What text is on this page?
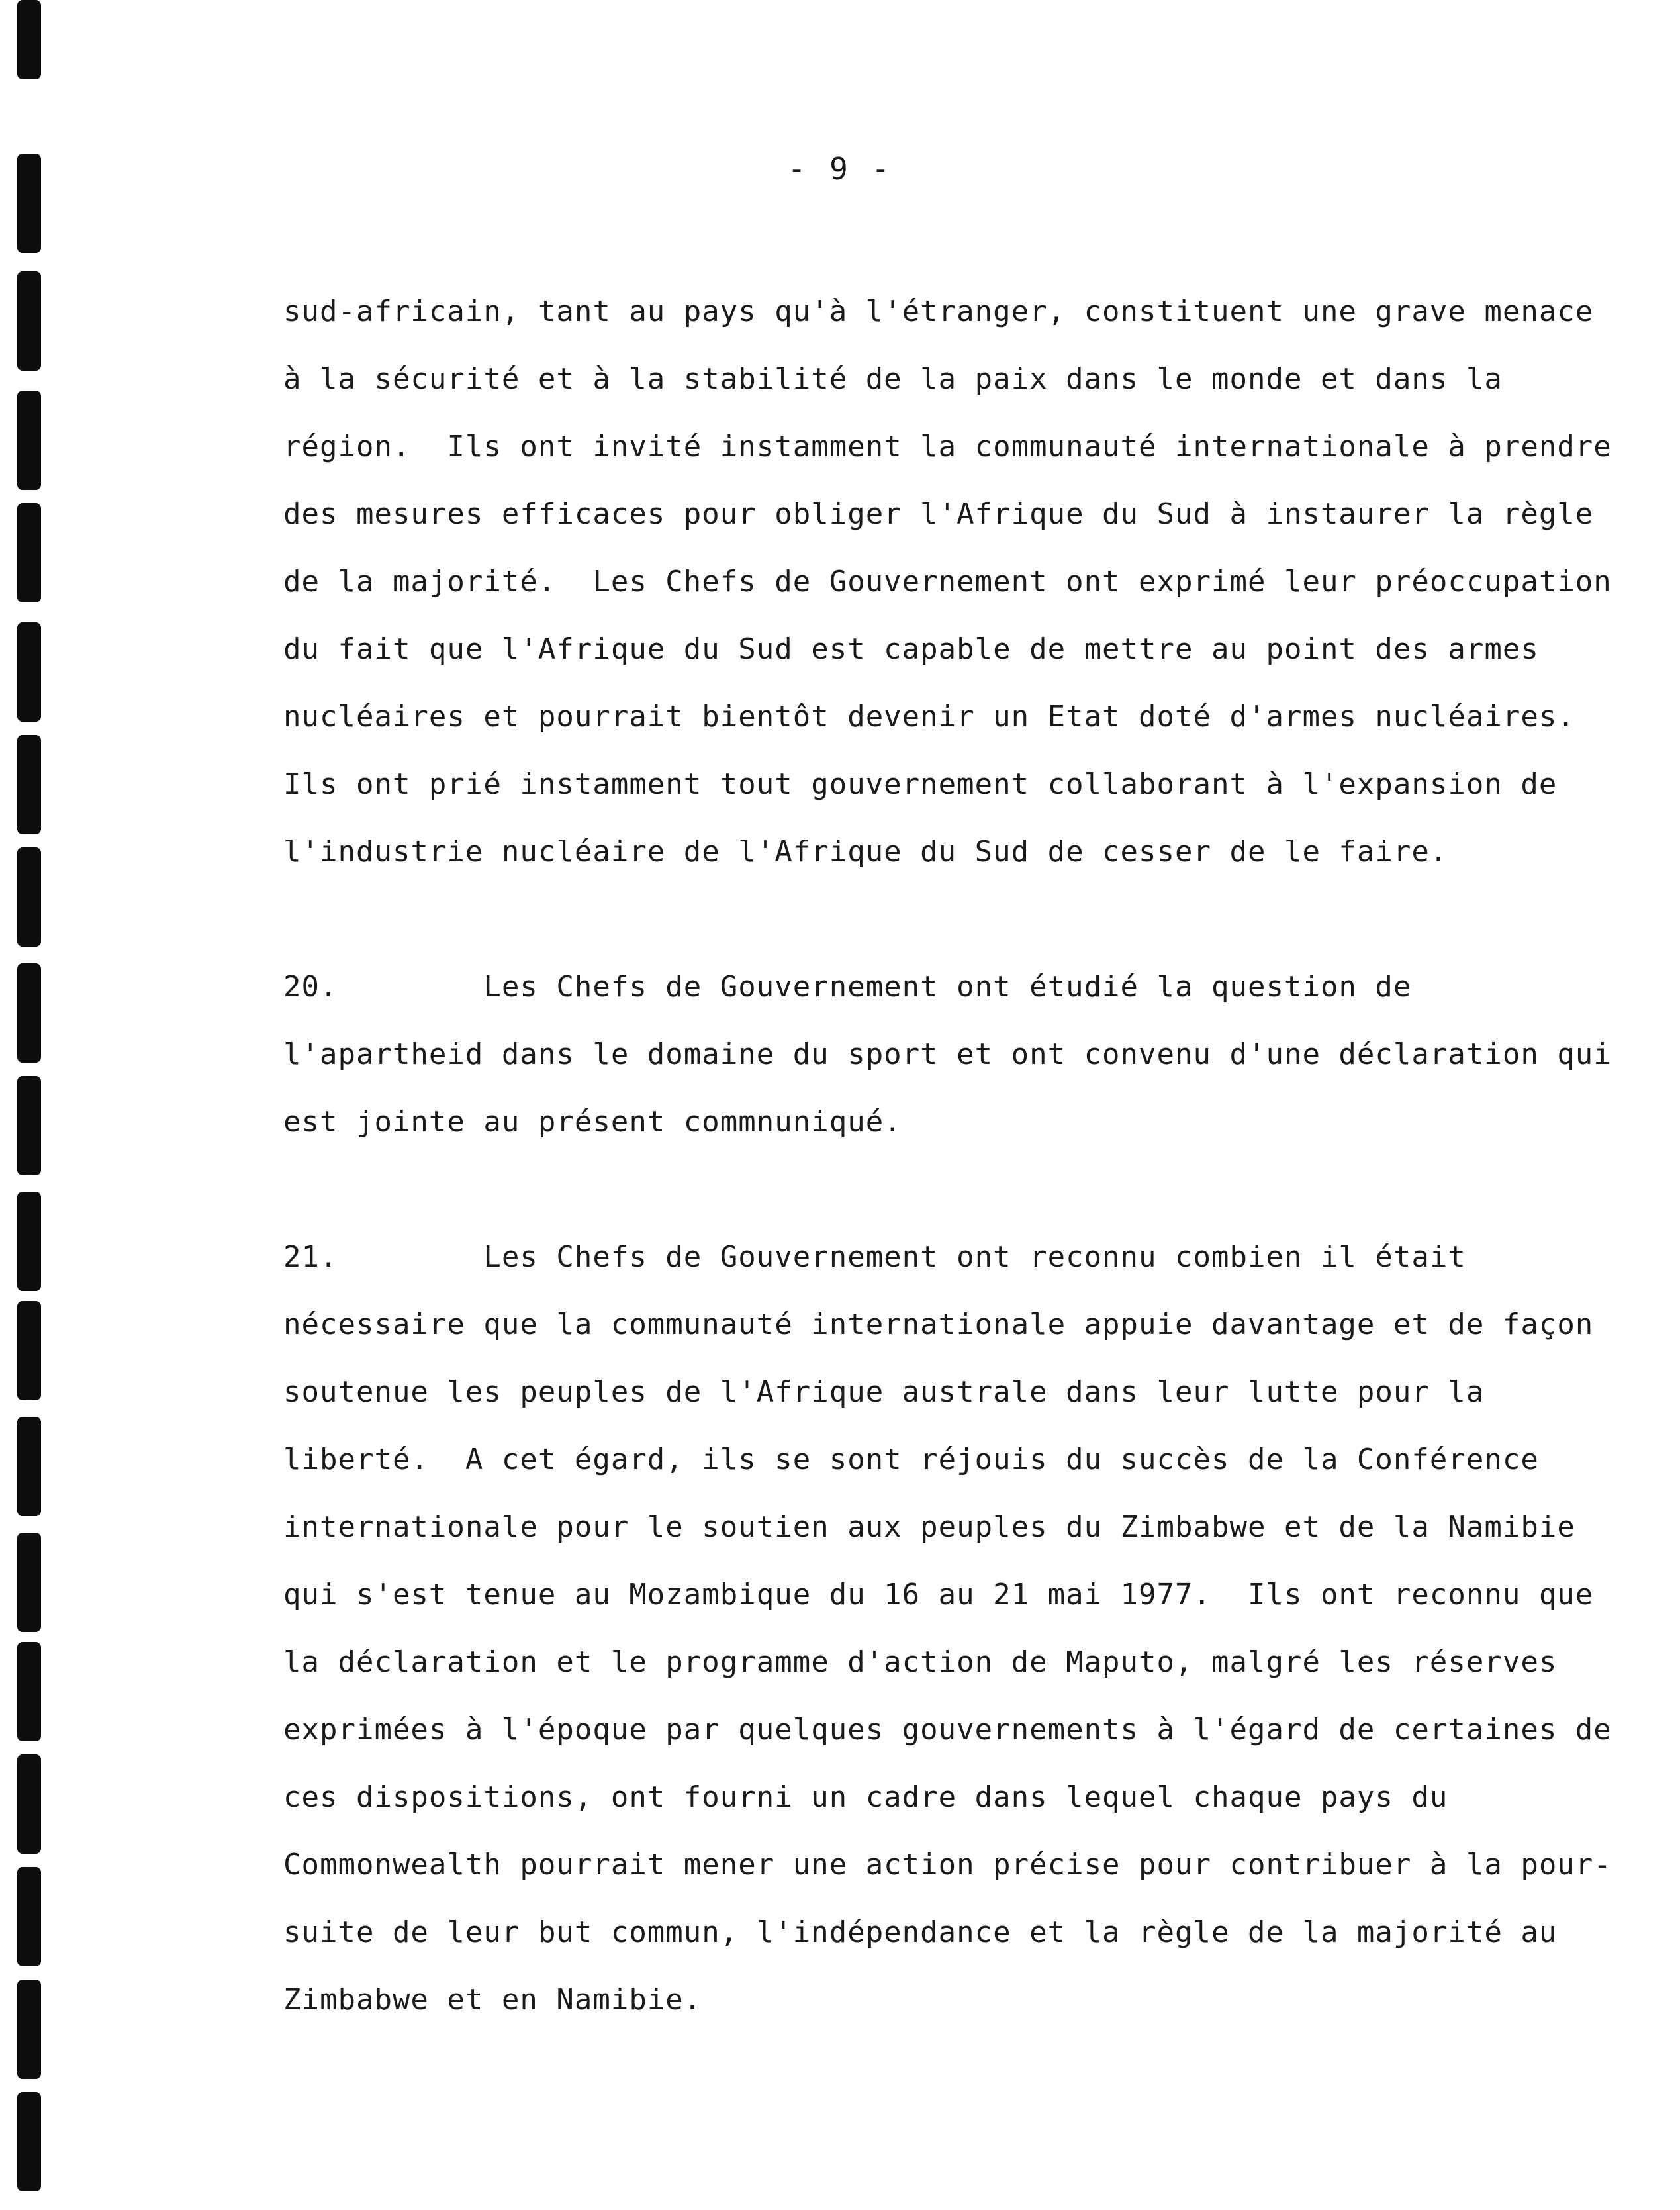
- 9 -
sud-africain, tant au pays qu'à l'étranger, constituent une grave menace
à la sécurité et à la stabilité de la paix dans le monde et dans la
région.  Ils ont invité instamment la communauté internationale à prendre
des mesures efficaces pour obliger l'Afrique du Sud à instaurer la règle
de la majorité.  Les Chefs de Gouvernement ont exprimé leur préoccupation
du fait que l'Afrique du Sud est capable de mettre au point des armes
nucléaires et pourrait bientôt devenir un Etat doté d'armes nucléaires.
Ils ont prié instamment tout gouvernement collaborant à l'expansion de
l'industrie nucléaire de l'Afrique du Sud de cesser de le faire.
20.        Les Chefs de Gouvernement ont étudié la question de
l'apartheid dans le domaine du sport et ont convenu d'une déclaration qui
est jointe au présent commnuniqué.
21.        Les Chefs de Gouvernement ont reconnu combien il était
nécessaire que la communauté internationale appuie davantage et de façon
soutenue les peuples de l'Afrique australe dans leur lutte pour la
liberté.  A cet égard, ils se sont réjouis du succès de la Conférence
internationale pour le soutien aux peuples du Zimbabwe et de la Namibie
qui s'est tenue au Mozambique du 16 au 21 mai 1977.  Ils ont reconnu que
la déclaration et le programme d'action de Maputo, malgré les réserves
exprimées à l'époque par quelques gouvernements à l'égard de certaines de
ces dispositions, ont fourni un cadre dans lequel chaque pays du
Commonwealth pourrait mener une action précise pour contribuer à la pour-
suite de leur but commun, l'indépendance et la règle de la majorité au
Zimbabwe et en Namibie.
